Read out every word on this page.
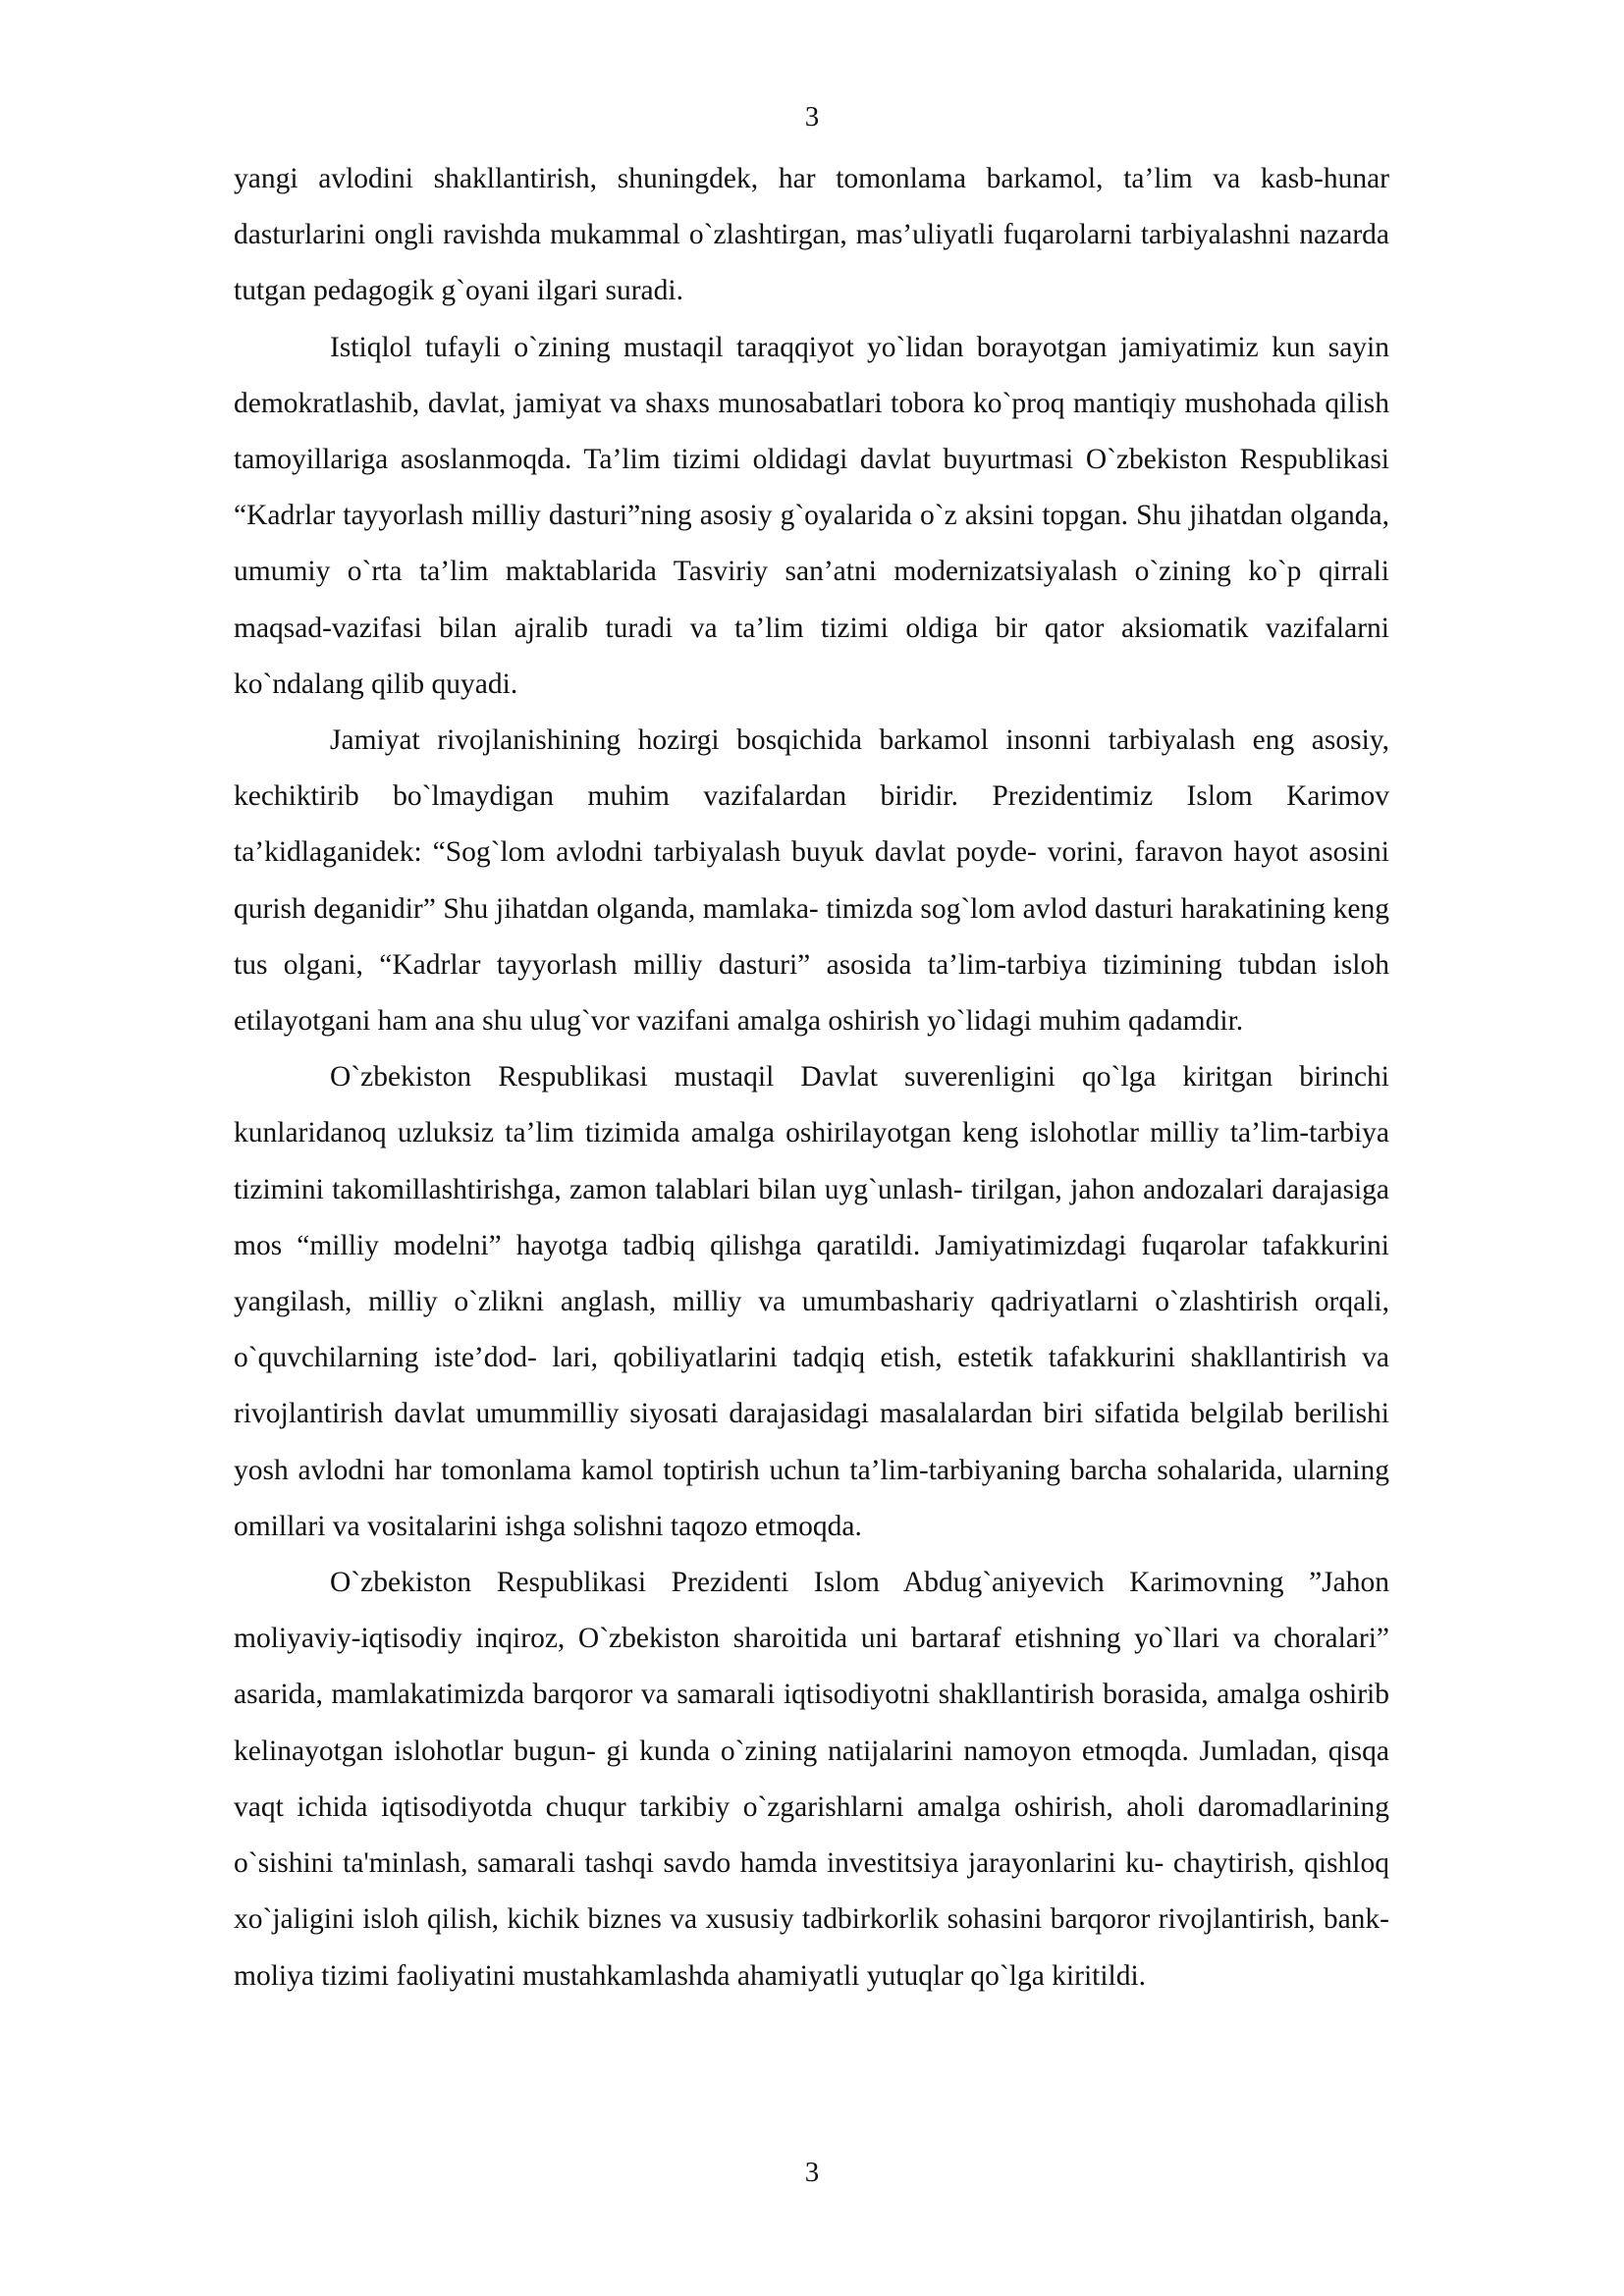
3

yangi avlodini shakllantirish, shuningdek, har tomonlama barkamol, ta’lim va kasb-hunar dasturlarini ongli ravishda mukammal o`zlashtirgan, mas’uliyatli fuqarolarni tarbiyalashni nazarda tutgan pedagogik g`oyani ilgari suradi.

Istiqlol tufayli o`zining mustaqil taraqqiyot yo`lidan borayotgan jamiyatimiz kun sayin demokratlashib, davlat, jamiyat va shaxs munosabatlari tobora ko`proq mantiqiy mushohada qilish tamoyillariga asoslanmoqda. Ta’lim tizimi oldidagi davlat buyurtmasi O`zbekiston Respublikasi “Kadrlar tayyorlash milliy dasturi”ning asosiy g`oyalarida o`z aksini topgan. Shu jihatdan olganda, umumiy o`rta ta’lim maktablarida Tasviriy san’atni modernizatsiyalash o`zining ko`p qirrali maqsad-vazifasi bilan ajralib turadi va ta’lim tizimi oldiga bir qator aksiomatik vazifalarni ko`ndalang qilib quyadi.

Jamiyat rivojlanishining hozirgi bosqichida barkamol insonni tarbiyalash eng asosiy, kechiktirib bo`lmaydigan muhim vazifalardan biridir. Prezidentimiz Islom Karimov ta’kidlaganidek: “Sog`lom avlodni tarbiyalash buyuk davlat poyde- vorini, faravon hayot asosini qurish deganidir” Shu jihatdan olganda, mamlaka- timizda sog`lom avlod dasturi harakatining keng tus olgani, “Kadrlar tayyorlash milliy dasturi” asosida ta’lim-tarbiya tizimining tubdan isloh etilayotgani ham ana shu ulug`vor vazifani amalga oshirish yo`lidagi muhim qadamdir.

O`zbekiston Respublikasi mustaqil Davlat suverenligini qo`lga kiritgan birinchi kunlaridanoq uzluksiz ta’lim tizimida amalga oshirilayotgan keng islohotlar milliy ta’lim-tarbiya tizimini takomillashtirishga, zamon talablari bilan uyg`unlash- tirilgan, jahon andozalari darajasiga mos “milliy modelni” hayotga tadbiq qilishga qaratildi. Jamiyatimizdagi fuqarolar tafakkurini yangilash, milliy o`zlikni anglash, milliy va umumbashariy qadriyatlarni o`zlashtirish orqali, o`quvchilarning iste’dod- lari, qobiliyatlarini tadqiq etish, estetik tafakkurini shakllantirish va rivojlantirish davlat umummilliy siyosati darajasidagi masalalardan biri sifatida belgilab berilishi yosh avlodni har tomonlama kamol toptirish uchun ta’lim-tarbiyaning barcha sohalarida, ularning omillari va vositalarini ishga solishni taqozo etmoqda.

O`zbekiston Respublikasi Prezidenti Islom Abdug`aniyevich Karimovning ”Jahon moliyaviy-iqtisodiy inqiroz, O`zbekiston sharoitida uni bartaraf etishning yo`llari va choralari” asarida, mamlakatimizda barqoror va samarali iqtisodiyotni shakllantirish borasida, amalga oshirib kelinayotgan islohotlar bugun- gi kunda o`zining natijalarini namoyon etmoqda. Jumladan, qisqa vaqt ichida iqtisodiyotda chuqur tarkibiy o`zgarishlarni amalga oshirish, aholi daromadlarining o`sishini ta'minlash, samarali tashqi savdo hamda investitsiya jarayonlarini ku- chaytirish, qishloq xo`jaligini isloh qilish, kichik biznes va xususiy tadbirkorlik sohasini barqoror rivojlantirish, bank-moliya tizimi faoliyatini mustahkamlashda ahamiyatli yutuqlar qo`lga kiritildi.

3
